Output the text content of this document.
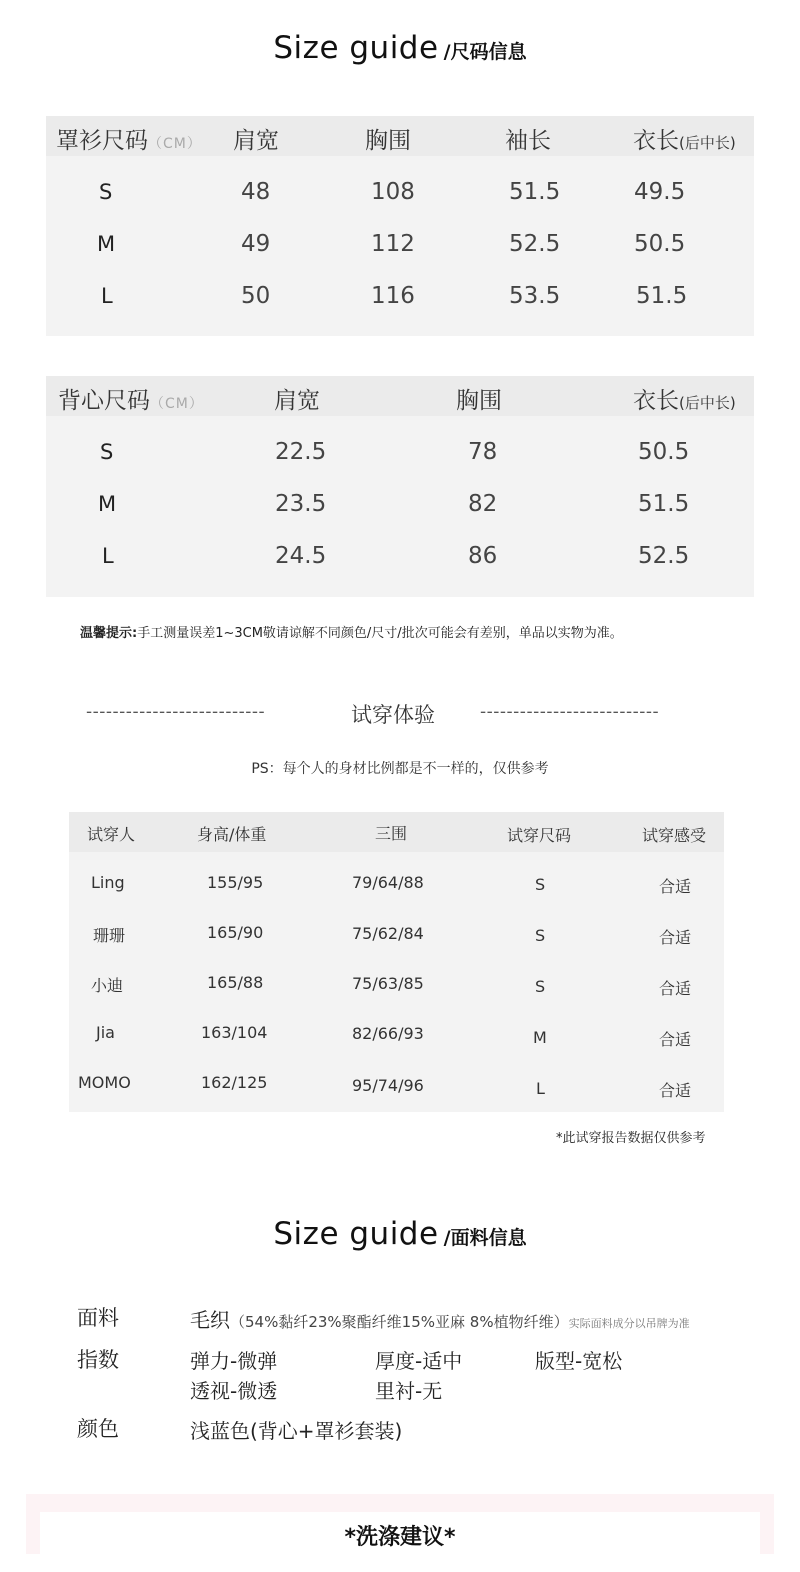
Size guide /尺码信息
罩衫尺码（CM） 肩宽	胸围	袖长	衣长(后中长)
S	48	108	51.5	49.5
M	49	112	52.5	50.5
L	50	116	53.5	51.5
背心尺码（CM）	肩宽	胸围	衣长(后中长)
S	22.5	78	50.5
M	23.5	82	51.5
L	24.5	86	52.5
温馨提示:手工测量误差1~3CM敬请谅解不同颜色/尺寸/批次可能会有差别，单品以实物为准。
---------------------------	试穿体验	---------------------------
PS：每个人的身材比例都是不一样的，仅供参考
试穿人	身高/体重	三围	试穿尺码	试穿感受
Ling	155/95	79/64/88	S	合适
珊珊	165/90	75/62/84	S	合适
小迪	165/88	75/63/85	S	合适
Jia	163/104	82/66/93	M	合适
MOMO	162/125	95/74/96	L	合适
*此试穿报告数据仅供参考
Size guide /面料信息
面料	毛织（54%黏纤23%聚酯纤维15%亚麻 8%植物纤维）实际面料成分以吊牌为准
指数	弹力-微弹	厚度-适中	版型-宽松
透视-微透	里衬-无
颜色	浅蓝色(背心+罩衫套装)
*洗涤建议*
